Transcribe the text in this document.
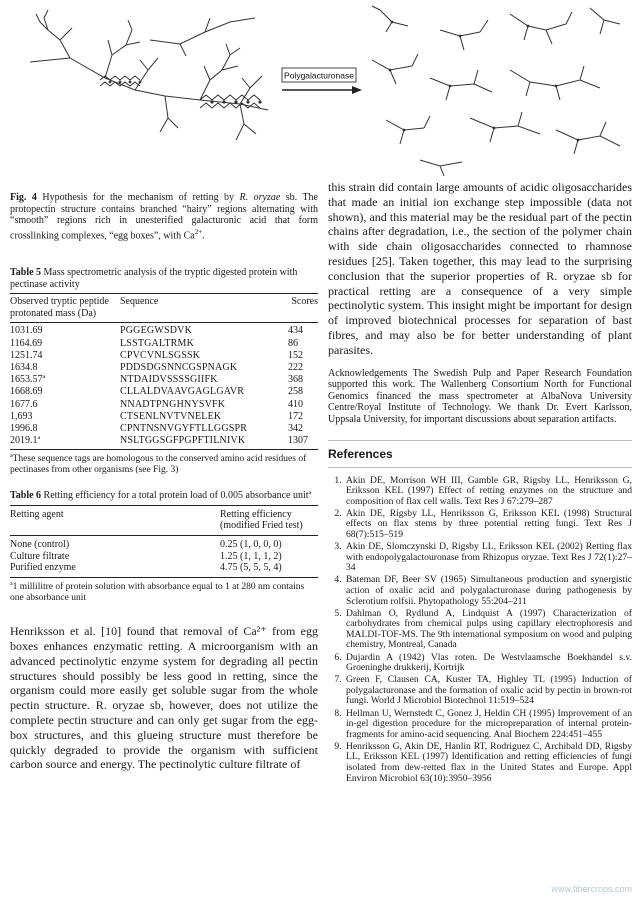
Polygalacturonase

Fig. 4 Hypothesis for the mechanism of retting by R. oryzae sb. The protopectin structure contains branched “hairy” regions alternating with “smooth” regions rich in unesterified galacturonic acid that form crosslinking complexes, “egg boxes”, with $Ca^{2+}$.

Table 5 Mass spectrometric analysis of the tryptic digested protein with pectinase activity

Observed tryptic peptide protonated mass (Da)	Sequence	Scores
1031.69	PGGEGWSDVK	434
1164.69	LSSTGALTRMK	86
1251.74	CPVCVNLSGSSK	152
1634.8	PDDSDGSNNCGSPNAGK	222
1653.57ª	NTDAIDVSSSSGIIFK	368
1668.69	CLLALDVAAVGAGLGAVR	258
1677.6	NNADTPNGHNYSVFK	410
1,693	CTSENLNVTVNELEK	172
1996.8	CPNTNSNVGYFTLLGGSPR	342
2019.1ª	NSLTGGSGFPGPFTILNIVK	1307

ªThese sequence tags are homologous to the conserved amino acid residues of pectinases from other organisms (see Fig. 3)

Table 6 Retting efficiency for a total protein load of 0.005 absorbance unitª

Retting agent	Retting efficiency (modified Fried test)
None (control)	0.25 (1, 0, 0, 0)
Culture filtrate	1.25 (1, 1, 1, 2)
Purified enzyme	4.75 (5, 5, 5, 4)

ª1 millilitre of protein solution with absorbance equal to 1 at 280 nm contains one absorbance unit

Henriksson et al. [10] found that removal of Ca²⁺ from egg boxes enhances enzymatic retting. A microorganism with an advanced pectinolytic enzyme system for degrading all pectin structures should possibly be less good in retting, since the organism could more easily get soluble sugar from the whole pectin structure. R. oryzae sb, however, does not utilize the complete pectin structure and can only get sugar from the egg-box structures, and this glueing structure must therefore be quickly degraded to provide the organism with sufficient carbon source and energy. The pectinolytic culture filtrate of

this strain did contain large amounts of acidic oligosaccharides that made an initial ion exchange step impossible (data not shown), and this material may be the residual part of the pectin chains after degradation, i.e., the section of the polymer chain with side chain oligosaccharides connected to rhamnose residues [25]. Taken together, this may lead to the surprising conclusion that the superior properties of R. oryzae sb for practical retting are a consequence of a very simple pectinolytic system. This insight might be important for design of improved biotechnical processes for separation of bast fibres, and may also be for better understanding of plant parasites.

Acknowledgements The Swedish Pulp and Paper Research Foundation supported this work. The Wallenberg Consortium North for Functional Genomics financed the mass spectrometer at AlbaNova University Centre/Royal Institute of Technology. We thank Dr. Evert Karlsson, Uppsala University, for important discussions about separation artifacts.

References

1. Akin DE, Morrison WH III, Gamble GR, Rigsby LL, Henriksson G, Eriksson KEL (1997) Effect of retting enzymes on the structure and composition of flax cell walls. Text Res J 67:279–287
2. Akin DE, Rigsby LL, Henriksson G, Eriksson KEL (1998) Structural effects on flax stems by three potential retting fungi. Text Res J 68(7):515–519
3. Akin DE, Slomczynski D, Rigsby LL, Eriksson KEL (2002) Retting flax with endopolygalactouronase from Rhizopus oryzae. Text Res J 72(1):27–34
4. Bateman DF, Beer SV (1965) Simultaneous production and synergistic action of oxalic acid and polygalacturonase during pathogenesis by Sclerotium rolfsii. Phytopathology 55:204–211
5. Dahlman O, Rydlund A, Lindquist A (1997) Characterization of carbohydrates from chemical pulps using capillary electrophoresis and MALDI-TOF-MS. The 9th international symposium on wood and pulping chemistry, Montreal, Canada
6. Dujardin A (1942) Vlas roten. De Westvlaamsche Boekhandel s.v. Groeninghe drukkerij, Kortrijk
7. Green F, Clausen CA, Kuster TA, Highley TL (1995) Induction of polygalacturonase and the formation of oxalic acid by pectin in brown-rot fungi. World J Microbiol Biotechnol 11:519–524
8. Hellman U, Wernstedt C, Gonez J, Heldin CH (1995) Improvement of an in-gel digestion procedure for the micropreparation of internal protein-fragments for amino-acid sequencing. Anal Biochem 224:451–455
9. Henriksson G, Akin DE, Hanlin RT, Rodriguez C, Archibald DD, Rigsby LL, Eriksson KEL (1997) Identification and retting efficiencies of fungi isolated from dew-retted flax in the United States and Europe. Appl Environ Microbiol 63(10):3950–3956
www.fibercrops.com
